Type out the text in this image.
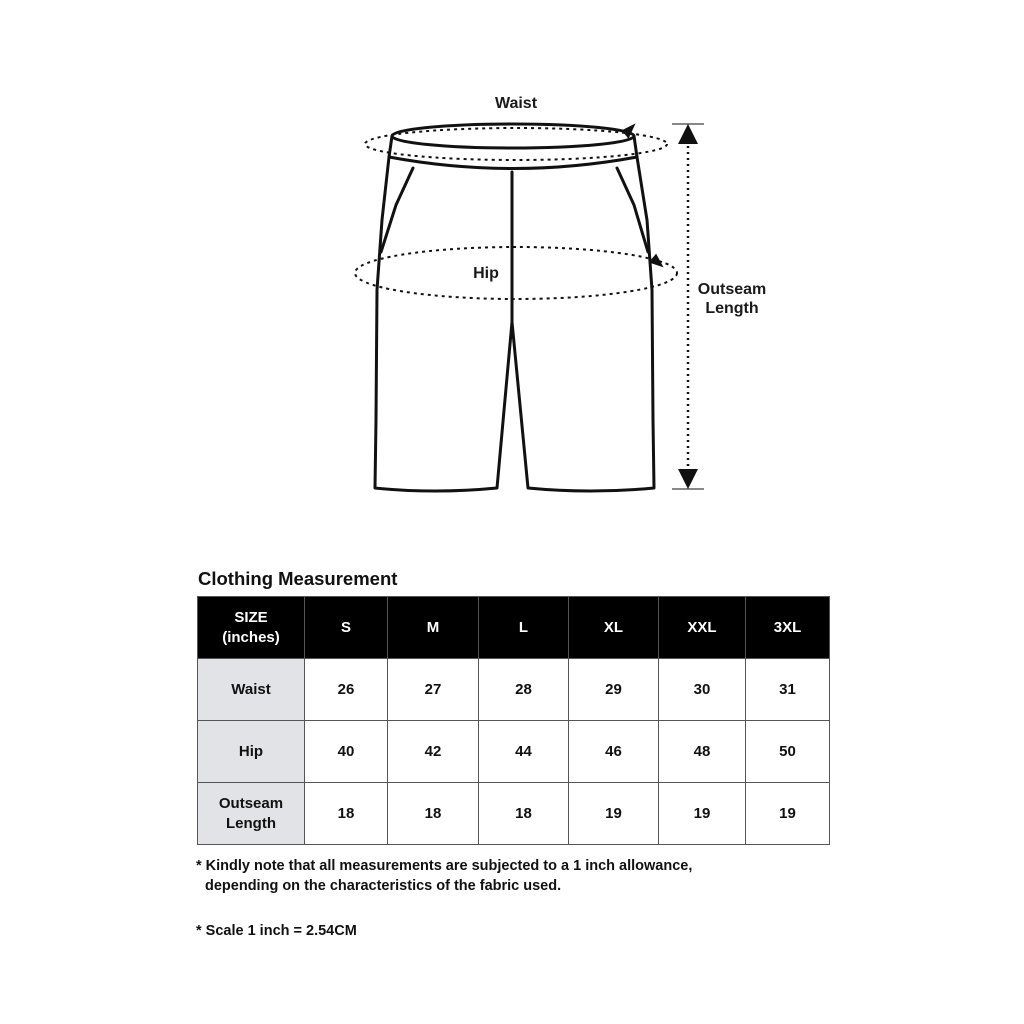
Waist
Hip
Outseam
Length
Clothing Measurement
SIZE
(inches)	S	M	L	XL	XXL	3XL

Waist	26	27	28	29	30	31

Hip	40	42	44	46	48	50

Outseam
Length	18	18	18	19	19	19

* Kindly note that all measurements are subjected to a 1 inch allowance,

depending on the characteristics of the fabric used.

* Scale 1 inch = 2.54CM
